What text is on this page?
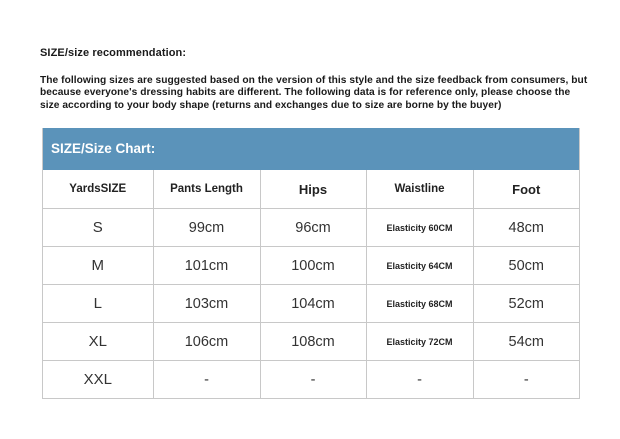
SIZE/size recommendation:
The following sizes are suggested based on the version of this style and the size feedback from consumers, but because everyone's dressing habits are different. The following data is for reference only, please choose the size according to your body shape (returns and exchanges due to size are borne by the buyer)
SIZE/Size Chart:
YardsSIZE	Pants Length	Hips	Waistline	Foot
S	99cm	96cm	Elasticity 60CM	48cm
M	101cm	100cm	Elasticity 64CM	50cm
L	103cm	104cm	Elasticity 68CM	52cm
XL	106cm	108cm	Elasticity 72CM	54cm
XXL	-	-	-	-
